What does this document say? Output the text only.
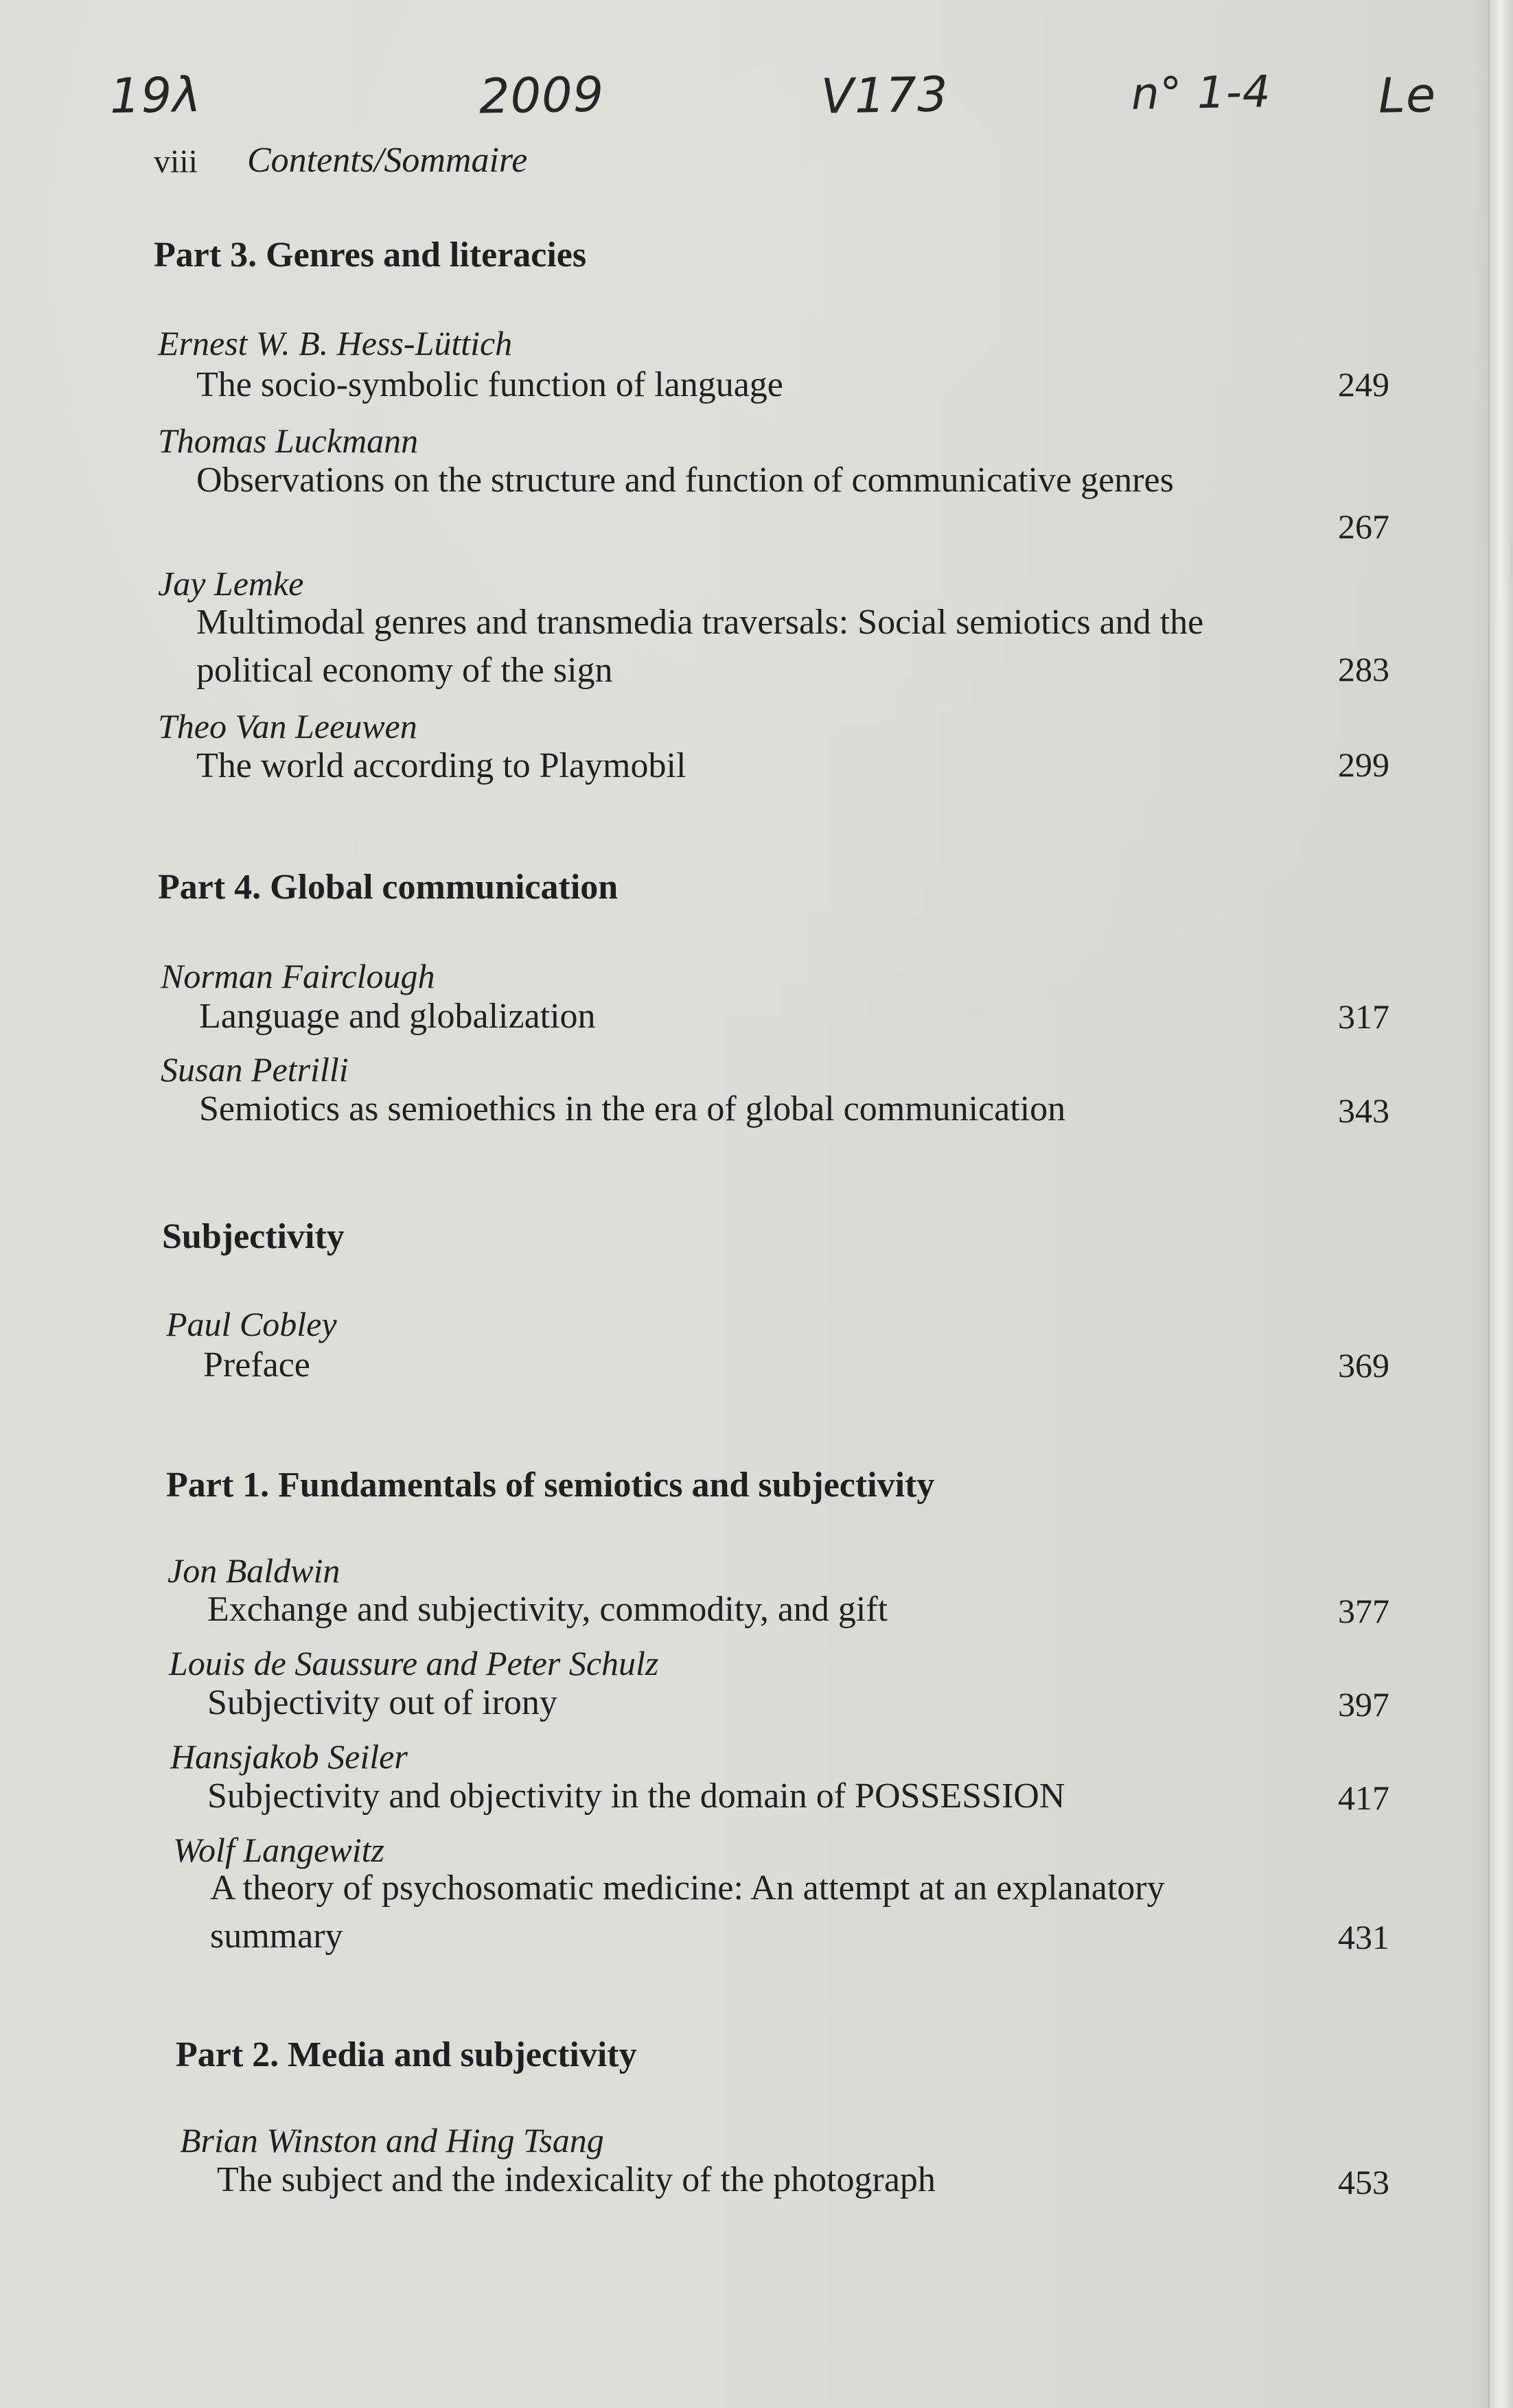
19λ	2009	V173	n° 1-4 Le
viii Contents/Sommaire
Part 3. Genres and literacies
Ernest W. B. Hess-Lüttich
The socio-symbolic function of language	249
Thomas Luckmann
Observations on the structure and function of communicative genres
267
Jay Lemke
Multimodal genres and transmedia traversals: Social semiotics and the political economy of the sign	283
Theo Van Leeuwen
The world according to Playmobil	299
Part 4. Global communication
Norman Fairclough
Language and globalization	317
Susan Petrilli
Semiotics as semioethics in the era of global communication	343
Subjectivity
Paul Cobley
Preface	369
Part 1. Fundamentals of semiotics and subjectivity
Jon Baldwin
Exchange and subjectivity, commodity, and gift	377
Louis de Saussure and Peter Schulz
Subjectivity out of irony	397
Hansjakob Seiler
Subjectivity and objectivity in the domain of POSSESSION	417
Wolf Langewitz
A theory of psychosomatic medicine: An attempt at an explanatory summary	431
Part 2. Media and subjectivity
Brian Winston and Hing Tsang
The subject and the indexicality of the photograph	453
